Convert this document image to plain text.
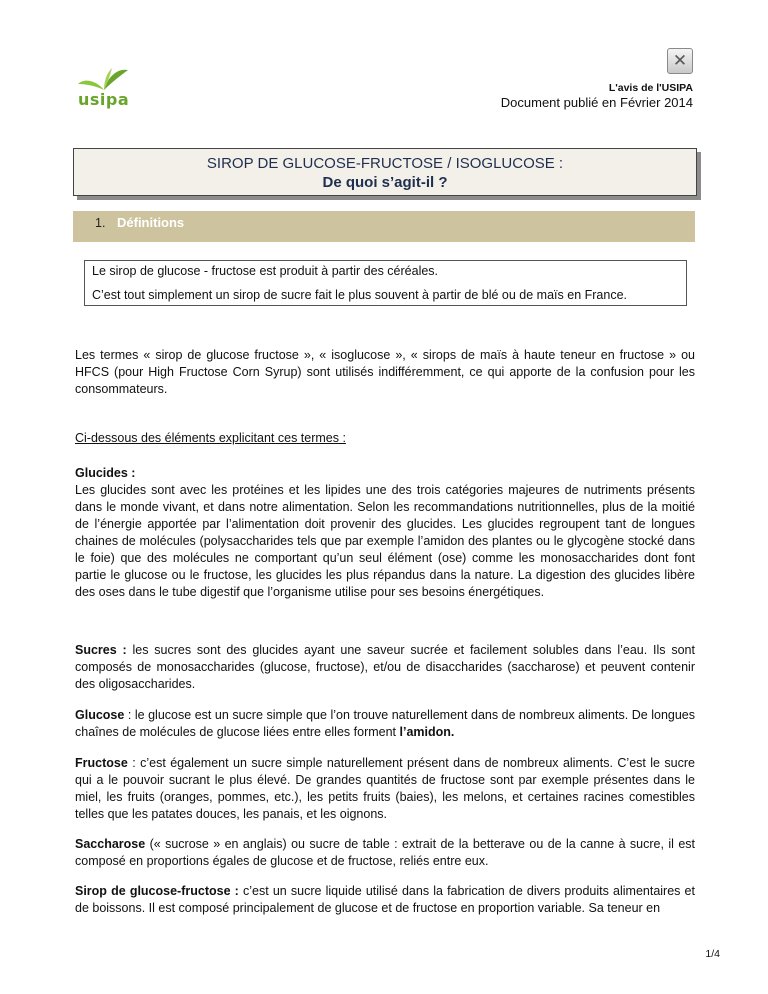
✕
usipa
L'avis de l'USIPA
Document publié en Février 2014
SIROP DE GLUCOSE-FRUCTOSE / ISOGLUCOSE :
De quoi s’agit-il ?
1. Définitions

Le sirop de glucose - fructose est produit à partir des céréales.

C’est tout simplement un sirop de sucre fait le plus souvent à partir de blé ou de maïs en France.

Les termes « sirop de glucose fructose », « isoglucose », « sirops de maïs à haute teneur en fructose » ou HFCS (pour High Fructose Corn Syrup) sont utilisés indifféremment, ce qui apporte de la confusion pour les consommateurs.
Ci-dessous des éléments explicitant ces termes :
Glucides :
Les glucides sont avec les protéines et les lipides une des trois catégories majeures de nutriments présents dans le monde vivant, et dans notre alimentation. Selon les recommandations nutritionnelles, plus de la moitié de l’énergie apportée par l’alimentation doit provenir des glucides. Les glucides regroupent tant de longues chaines de molécules (polysaccharides tels que par exemple l’amidon des plantes ou le glycogène stocké dans le foie) que des molécules ne comportant qu’un seul élément (ose) comme les monosaccharides dont font partie le glucose ou le fructose, les glucides les plus répandus dans la nature. La digestion des glucides libère des oses dans le tube digestif que l’organisme utilise pour ses besoins énergétiques.
Sucres : les sucres sont des glucides ayant une saveur sucrée et facilement solubles dans l’eau. Ils sont composés de monosaccharides (glucose, fructose), et/ou de disaccharides (saccharose) et peuvent contenir des oligosaccharides.
Glucose : le glucose est un sucre simple que l’on trouve naturellement dans de nombreux aliments. De longues chaînes de molécules de glucose liées entre elles forment l’amidon.
Fructose : c’est également un sucre simple naturellement présent dans de nombreux aliments. C’est le sucre qui a le pouvoir sucrant le plus élevé. De grandes quantités de fructose sont par exemple présentes dans le miel, les fruits (oranges, pommes, etc.), les petits fruits (baies), les melons, et certaines racines comestibles telles que les patates douces, les panais, et les oignons.
Saccharose (« sucrose » en anglais) ou sucre de table : extrait de la betterave ou de la canne à sucre, il est composé en proportions égales de glucose et de fructose, reliés entre eux.
Sirop de glucose-fructose : c’est un sucre liquide utilisé dans la fabrication de divers produits alimentaires et de boissons. Il est composé principalement de glucose et de fructose en proportion variable. Sa teneur en
1/4
